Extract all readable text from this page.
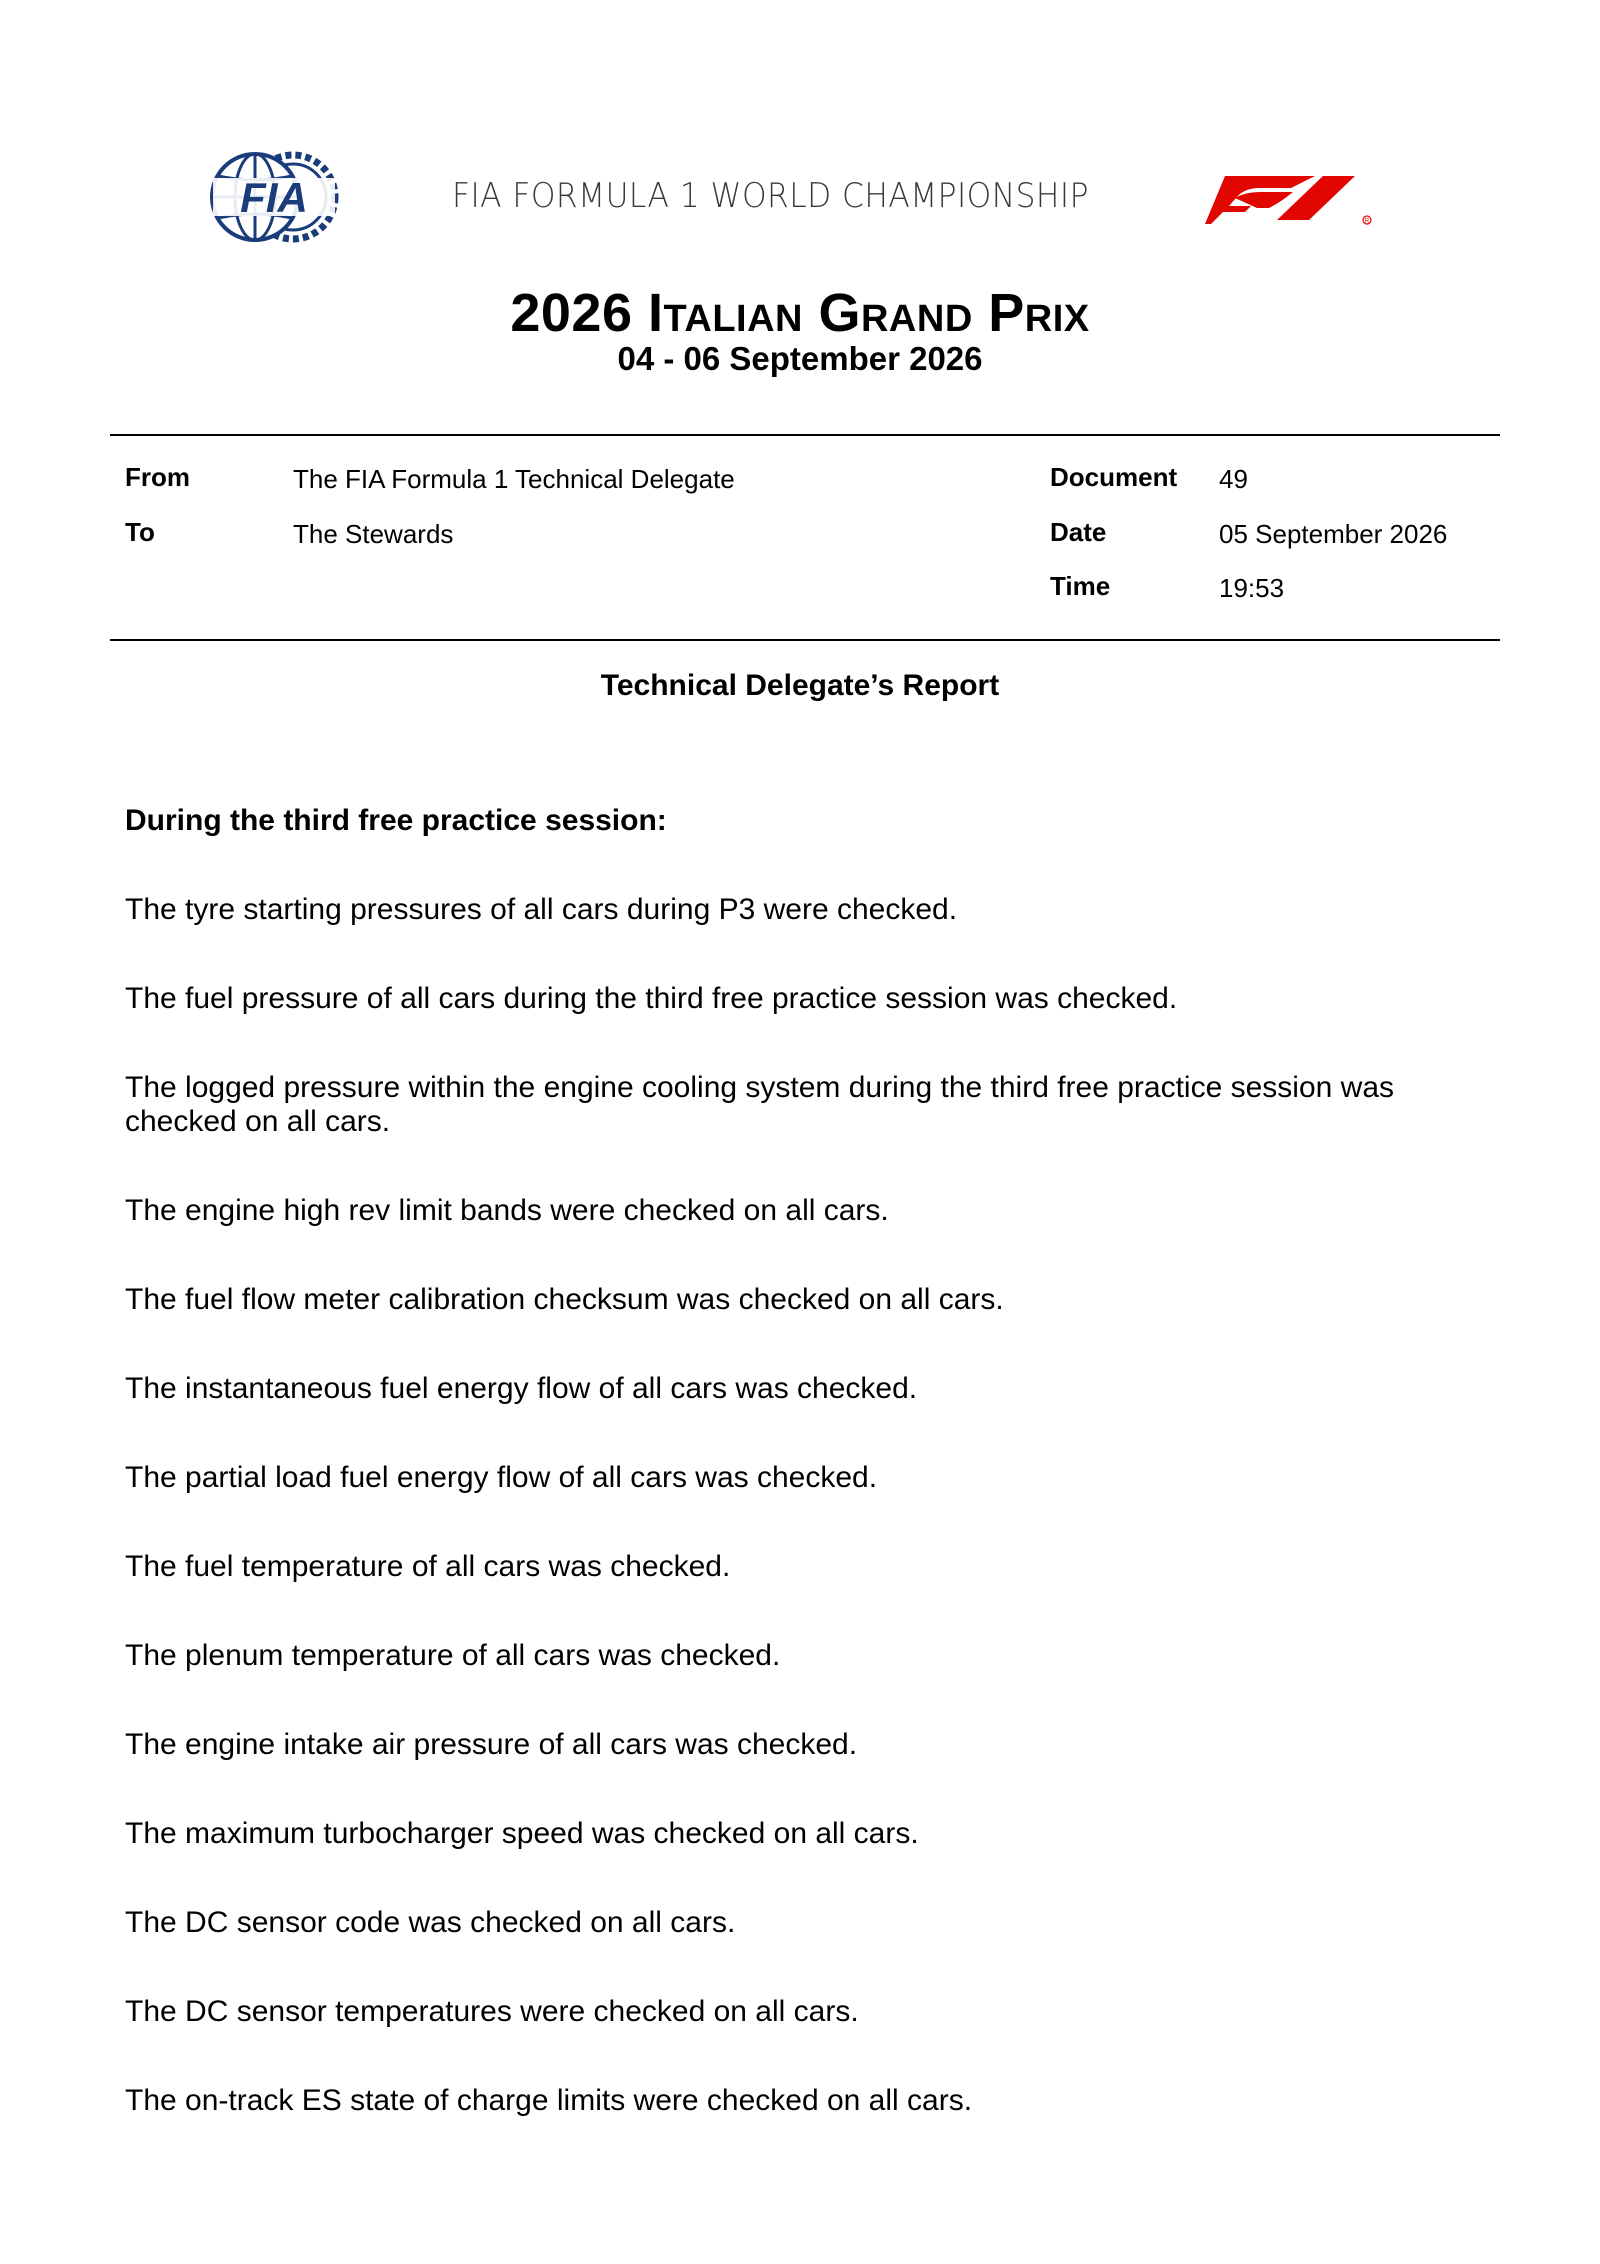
FIA	FIA FORMULA 1 WORLD CHAMPIONSHIP
R
2026 Italian Grand Prix
04 - 06 September 2026
From	The FIA Formula 1 Technical Delegate
To	The Stewards
Document 49
Date	05 September 2026
Time	19:53
Technical Delegate’s Report
During the third free practice session:
The tyre starting pressures of all cars during P3 were checked.
The fuel pressure of all cars during the third free practice session was checked.
The logged pressure within the engine cooling system during the third free practice session was checked on all cars.
The engine high rev limit bands were checked on all cars.
The fuel flow meter calibration checksum was checked on all cars.
The instantaneous fuel energy flow of all cars was checked.
The partial load fuel energy flow of all cars was checked.
The fuel temperature of all cars was checked.
The plenum temperature of all cars was checked.
The engine intake air pressure of all cars was checked.
The maximum turbocharger speed was checked on all cars.
The DC sensor code was checked on all cars.
The DC sensor temperatures were checked on all cars.
The on-track ES state of charge limits were checked on all cars.
